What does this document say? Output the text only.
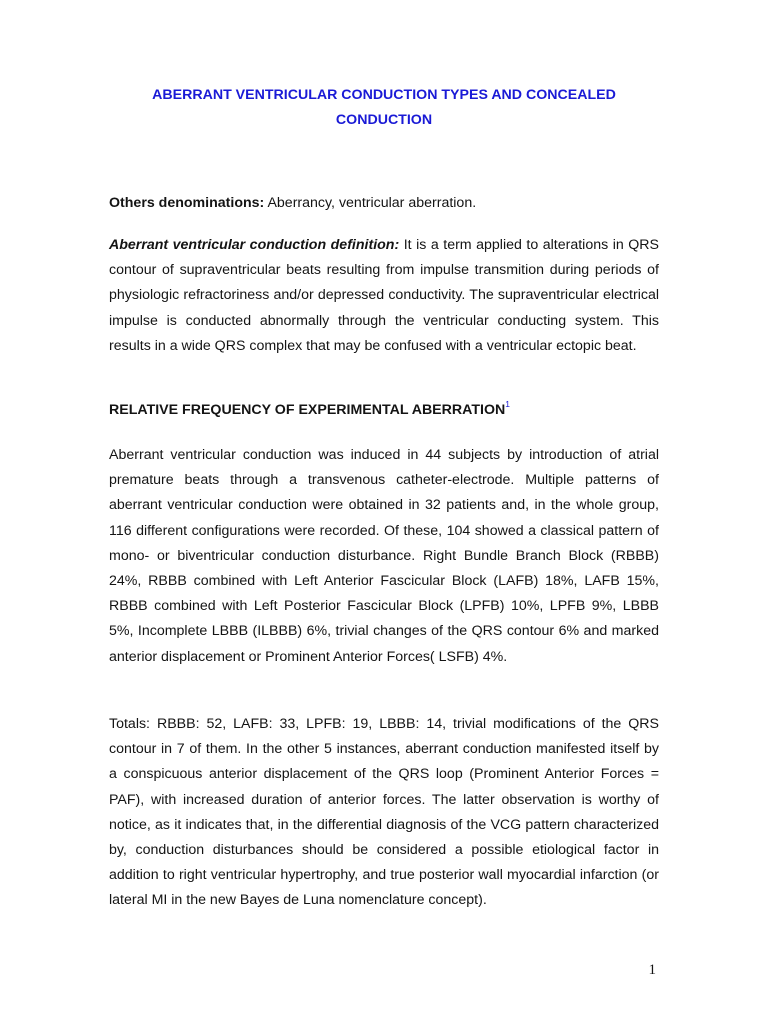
ABERRANT VENTRICULAR CONDUCTION TYPES AND CONCEALED
CONDUCTION
Others denominations: Aberrancy, ventricular aberration.
Aberrant ventricular conduction definition: It is a term applied to alterations in QRS contour of supraventricular beats resulting from impulse transmition during periods of physiologic refractoriness and/or depressed conductivity. The supraventricular electrical impulse is conducted abnormally through the ventricular conducting system. This results in a wide QRS complex that may be confused with a ventricular ectopic beat.
RELATIVE FREQUENCY OF EXPERIMENTAL ABERRATION$^1$
Aberrant ventricular conduction was induced in 44 subjects by introduction of atrial premature beats through a transvenous catheter-electrode. Multiple patterns of aberrant ventricular conduction were obtained in 32 patients and, in the whole group, 116 different configurations were recorded. Of these, 104 showed a classical pattern of mono- or biventricular conduction disturbance. Right Bundle Branch Block (RBBB) 24%, RBBB combined with Left Anterior Fascicular Block (LAFB) 18%, LAFB 15%, RBBB combined with Left Posterior Fascicular Block (LPFB) 10%, LPFB 9%, LBBB 5%, Incomplete LBBB (ILBBB) 6%, trivial changes of the QRS contour 6% and marked anterior displacement or Prominent Anterior Forces( LSFB) 4%.
Totals: RBBB: 52, LAFB: 33, LPFB: 19, LBBB: 14, trivial modifications of the QRS contour in 7 of them. In the other 5 instances, aberrant conduction manifested itself by a conspicuous anterior displacement of the QRS loop (Prominent Anterior Forces = PAF), with increased duration of anterior forces. The latter observation is worthy of notice, as it indicates that, in the differential diagnosis of the VCG pattern characterized by, conduction disturbances should be considered a possible etiological factor in addition to right ventricular hypertrophy, and true posterior wall myocardial infarction (or lateral MI in the new Bayes de Luna nomenclature concept).
1
